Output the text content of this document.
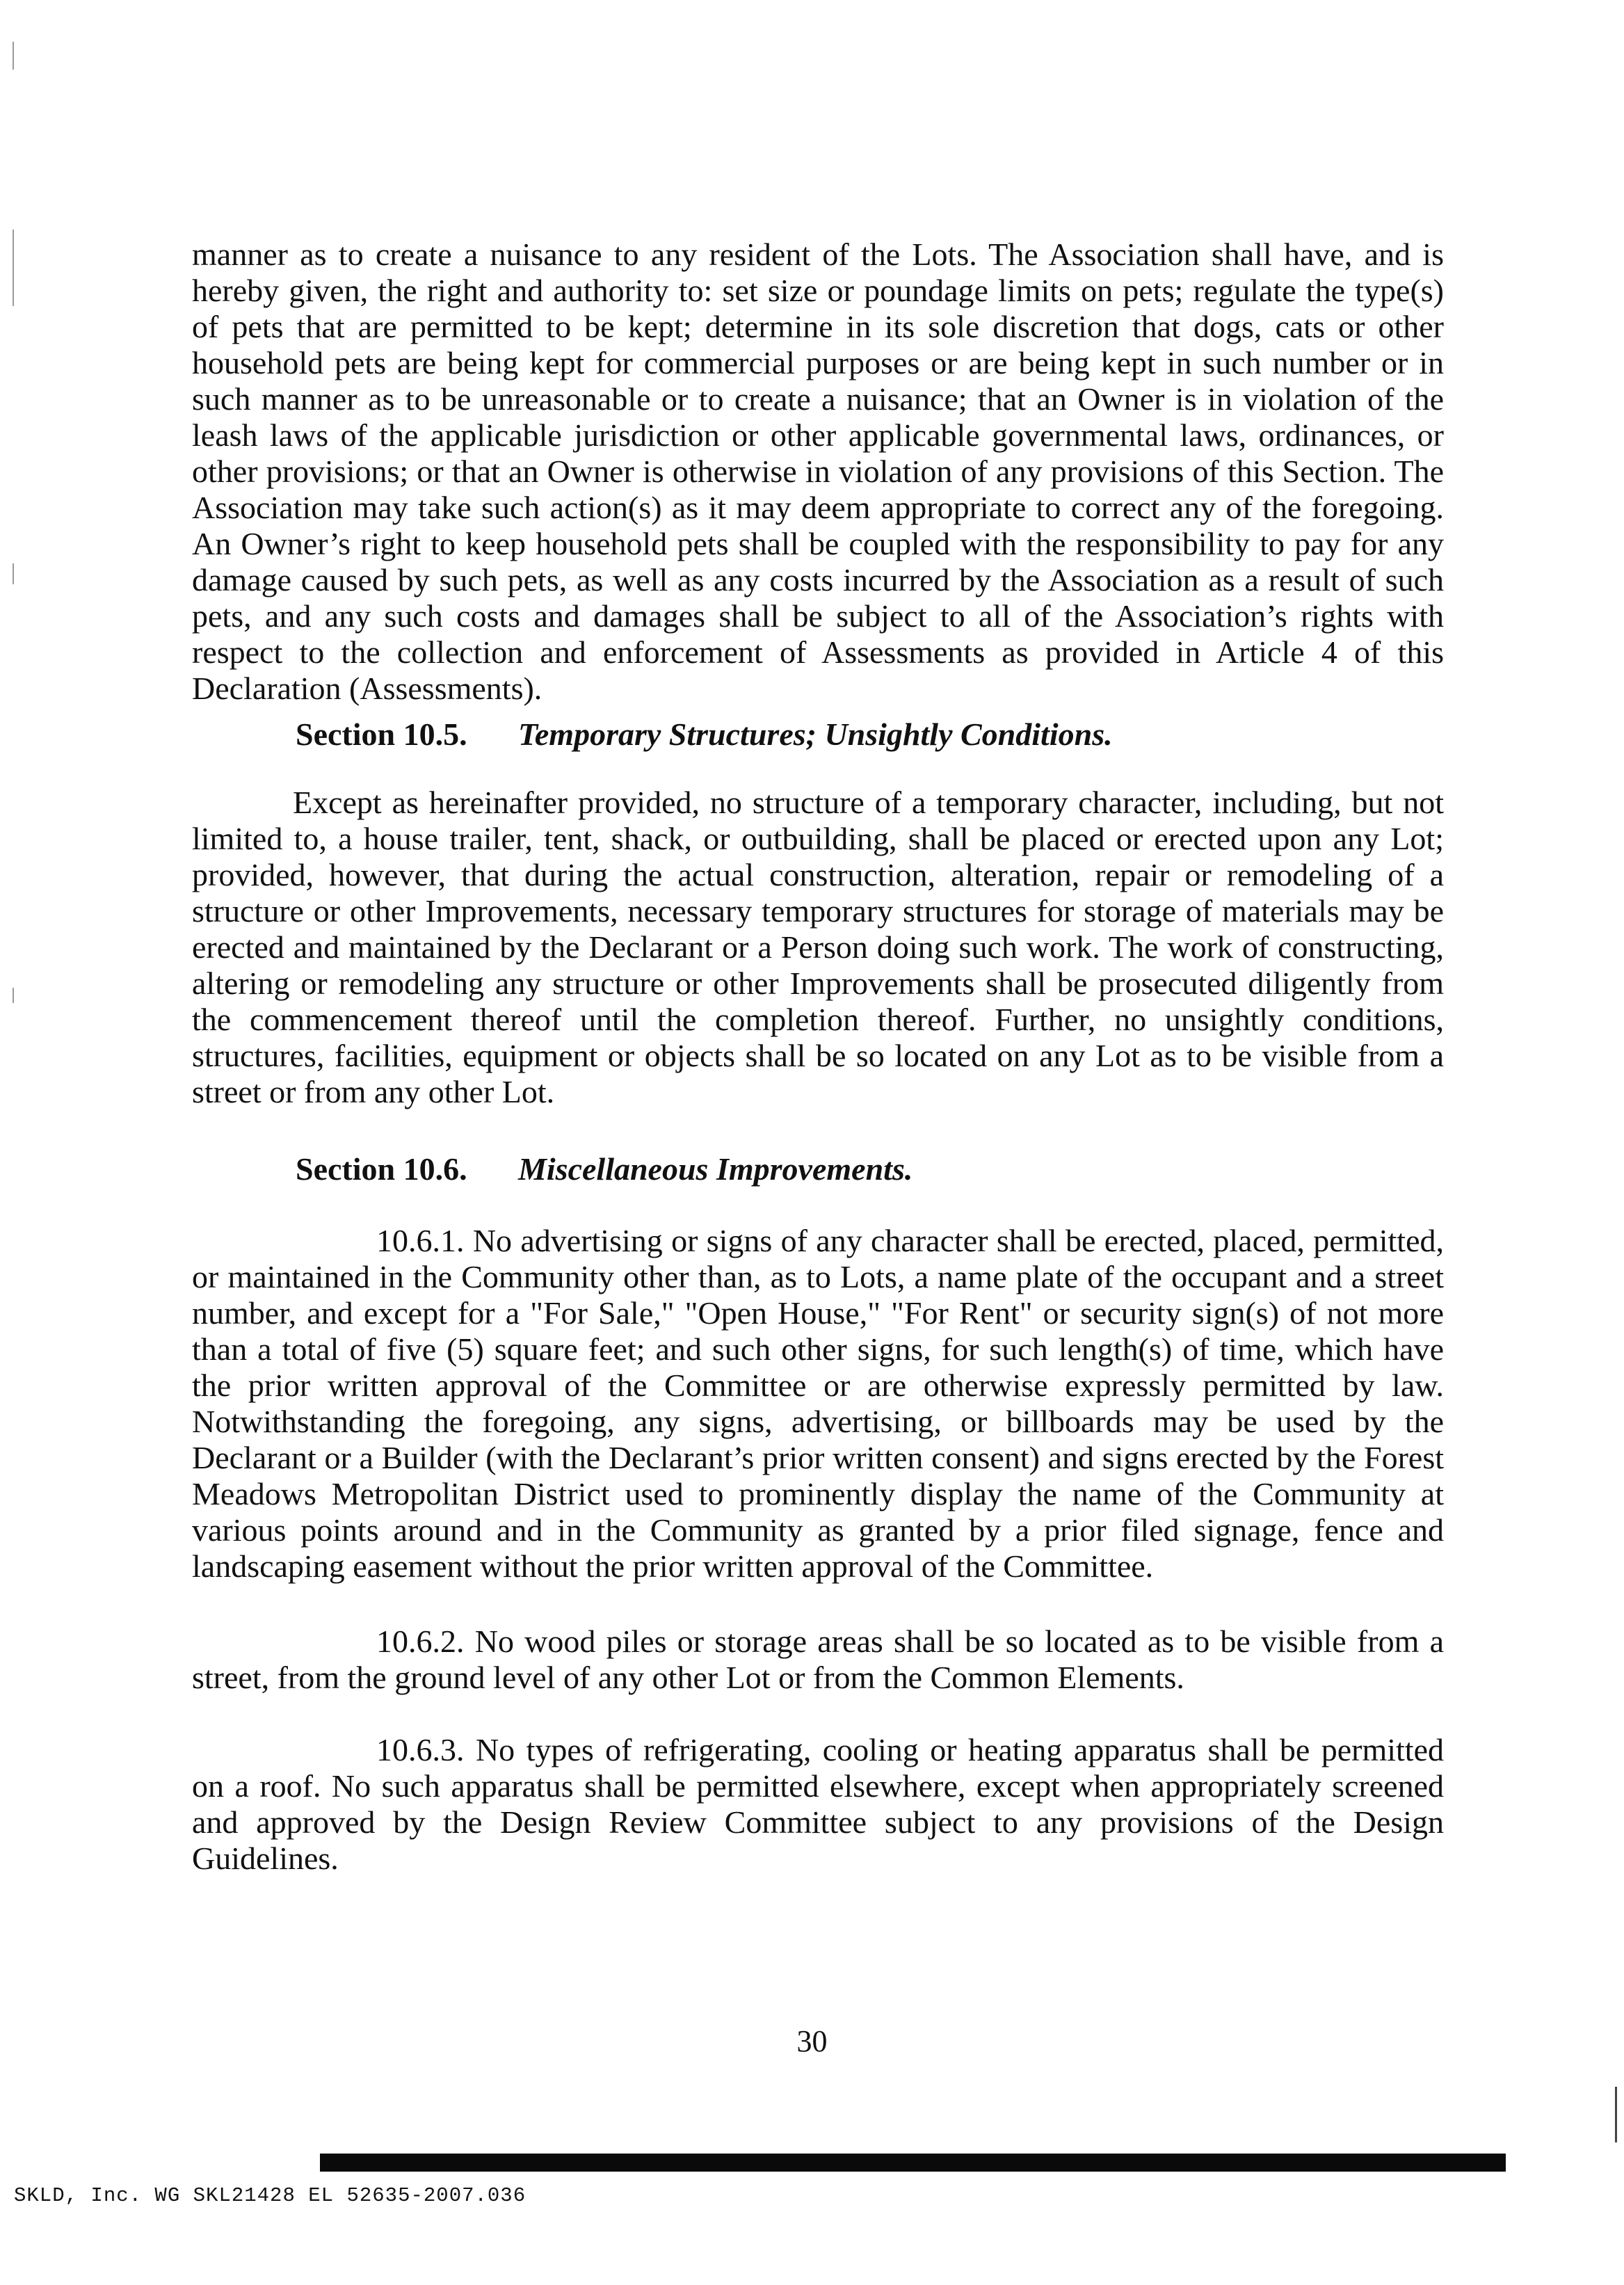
manner as to create a nuisance to any resident of the Lots. The Association shall have, and is hereby given, the right and authority to: set size or poundage limits on pets; regulate the type(s) of pets that are permitted to be kept; determine in its sole discretion that dogs, cats or other household pets are being kept for commercial purposes or are being kept in such number or in such manner as to be unreasonable or to create a nuisance; that an Owner is in violation of the leash laws of the applicable jurisdiction or other applicable governmental laws, ordinances, or other provisions; or that an Owner is otherwise in violation of any provisions of this Section. The Association may take such action(s) as it may deem appropriate to correct any of the foregoing. An Owner’s right to keep household pets shall be coupled with the responsibility to pay for any damage caused by such pets, as well as any costs incurred by the Association as a result of such pets, and any such costs and damages shall be subject to all of the Association’s rights with respect to the collection and enforcement of Assessments as provided in Article 4 of this Declaration (Assessments).

Section 10.5. Temporary Structures; Unsightly Conditions.

Except as hereinafter provided, no structure of a temporary character, including, but not limited to, a house trailer, tent, shack, or outbuilding, shall be placed or erected upon any Lot; provided, however, that during the actual construction, alteration, repair or remodeling of a structure or other Improvements, necessary temporary structures for storage of materials may be erected and maintained by the Declarant or a Person doing such work. The work of constructing, altering or remodeling any structure or other Improvements shall be prosecuted diligently from the commencement thereof until the completion thereof. Further, no unsightly conditions, structures, facilities, equipment or objects shall be so located on any Lot as to be visible from a street or from any other Lot.

Section 10.6. Miscellaneous Improvements.

10.6.1. No advertising or signs of any character shall be erected, placed, permitted, or maintained in the Community other than, as to Lots, a name plate of the occupant and a street number, and except for a "For Sale," "Open House," "For Rent" or security sign(s) of not more than a total of five (5) square feet; and such other signs, for such length(s) of time, which have the prior written approval of the Committee or are otherwise expressly permitted by law. Notwithstanding the foregoing, any signs, advertising, or billboards may be used by the Declarant or a Builder (with the Declarant’s prior written consent) and signs erected by the Forest Meadows Metropolitan District used to prominently display the name of the Community at various points around and in the Community as granted by a prior filed signage, fence and landscaping easement without the prior written approval of the Committee.

10.6.2. No wood piles or storage areas shall be so located as to be visible from a street, from the ground level of any other Lot or from the Common Elements.

10.6.3. No types of refrigerating, cooling or heating apparatus shall be permitted on a roof. No such apparatus shall be permitted elsewhere, except when appropriately screened and approved by the Design Review Committee subject to any provisions of the Design Guidelines.

30
SKLD, Inc. WG SKL21428 EL 52635-2007.036
